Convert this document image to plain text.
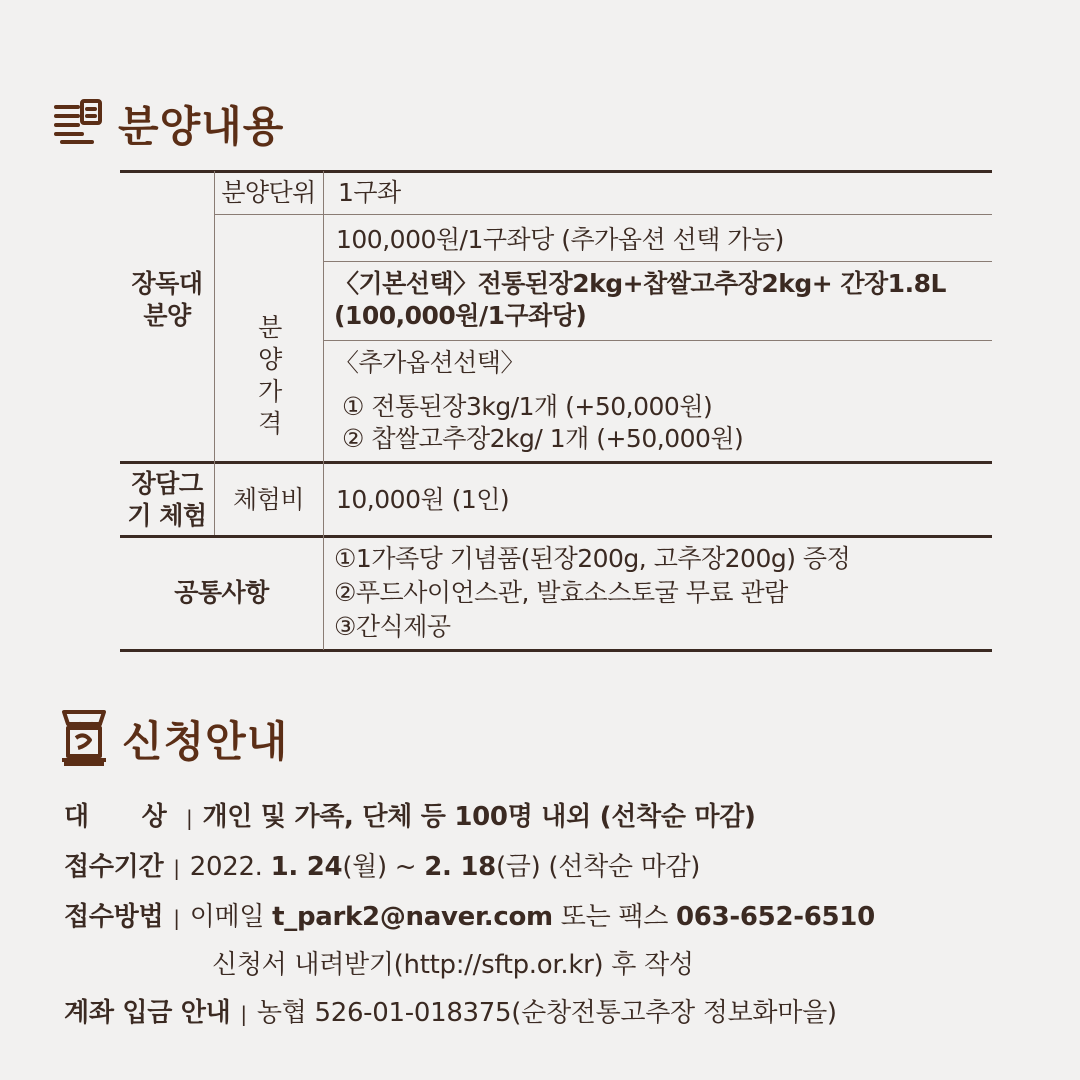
분양내용
장독대 분양
분양단위 1구좌
분양 가격
100,000원/1구좌당 (추가옵션 선택 가능)
〈기본선택〉전통된장2kg+찹쌀고추장2kg+ 간장1.8L
(100,000원/1구좌당)
〈추가옵션선택〉
① 전통된장3kg/1개 (+50,000원)
② 찹쌀고추장2kg/ 1개 (+50,000원)
장담그기 체험
체험비	10,000원 (1인)
공통사항
①1가족당 기념품(된장200g, 고추장200g) 증정
②푸드사이언스관, 발효소스토굴 무료 관람
③간식제공
신청안내
대 상 | 개인 및 가족, 단체 등 100명 내외 (선착순 마감)
접수기간 | 2022. 1. 24(월) ~ 2. 18(금) (선착순 마감)
접수방법 | 이메일 t_park2@naver.com 또는 팩스 063-652-6510
신청서 내려받기(http://sftp.or.kr) 후 작성
계좌 입금 안내 | 농협 526-01-018375(순창전통고추장 정보화마을)
